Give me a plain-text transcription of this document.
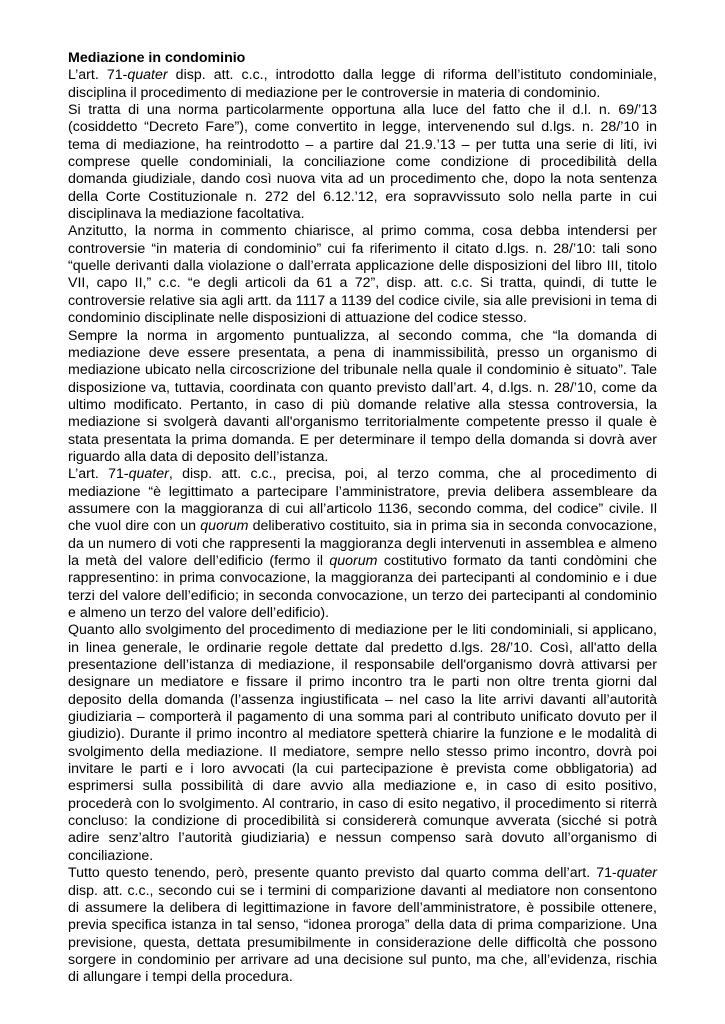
Mediazione in condominio

L’art. 71-quater disp. att. c.c., introdotto dalla legge di riforma dell’istituto condominiale, disciplina il procedimento di mediazione per le controversie in materia di condominio.

Si tratta di una norma particolarmente opportuna alla luce del fatto che il d.l. n. 69/’13 (cosiddetto “Decreto Fare”), come convertito in legge, intervenendo sul d.lgs. n. 28/’10 in tema di mediazione, ha reintrodotto – a partire dal 21.9.’13 – per tutta una serie di liti, ivi comprese quelle condominiali, la conciliazione come condizione di procedibilità della domanda giudiziale, dando così nuova vita ad un procedimento che, dopo la nota sentenza della Corte Costituzionale n. 272 del 6.12.’12, era sopravvissuto solo nella parte in cui disciplinava la mediazione facoltativa.

Anzitutto, la norma in commento chiarisce, al primo comma, cosa debba intendersi per controversie “in materia di condominio” cui fa riferimento il citato d.lgs. n. 28/’10: tali sono “quelle derivanti dalla violazione o dall’errata applicazione delle disposizioni del libro III, titolo VII, capo II,” c.c. “e degli articoli da 61 a 72”, disp. att. c.c. Si tratta, quindi, di tutte le controversie relative sia agli artt. da 1117 a 1139 del codice civile, sia alle previsioni in tema di condominio disciplinate nelle disposizioni di attuazione del codice stesso.

Sempre la norma in argomento puntualizza, al secondo comma, che “la domanda di mediazione deve essere presentata, a pena di inammissibilità, presso un organismo di mediazione ubicato nella circoscrizione del tribunale nella quale il condominio è situato”. Tale disposizione va, tuttavia, coordinata con quanto previsto dall’art. 4, d.lgs. n. 28/’10, come da ultimo modificato. Pertanto, in caso di più domande relative alla stessa controversia, la mediazione si svolgerà davanti all'organismo territorialmente competente presso il quale è stata presentata la prima domanda. E per determinare il tempo della domanda si dovrà aver riguardo alla data di deposito dell’istanza.

L’art. 71-quater, disp. att. c.c., precisa, poi, al terzo comma, che al procedimento di mediazione “è legittimato a partecipare l’amministratore, previa delibera assembleare da assumere con la maggioranza di cui all’articolo 1136, secondo comma, del codice” civile. Il che vuol dire con un quorum deliberativo costituito, sia in prima sia in seconda convocazione, da un numero di voti che rappresenti la maggioranza degli intervenuti in assemblea e almeno la metà del valore dell’edificio (fermo il quorum costitutivo formato da tanti condòmini che rappresentino: in prima convocazione, la maggioranza dei partecipanti al condominio e i due terzi del valore dell’edificio; in seconda convocazione, un terzo dei partecipanti al condominio e almeno un terzo del valore dell’edificio).

Quanto allo svolgimento del procedimento di mediazione per le liti condominiali, si applicano, in linea generale, le ordinarie regole dettate dal predetto d.lgs. 28/’10. Così, all'atto della presentazione dell’istanza di mediazione, il responsabile dell'organismo dovrà attivarsi per designare un mediatore e fissare il primo incontro tra le parti non oltre trenta giorni dal deposito della domanda (l’assenza ingiustificata – nel caso la lite arrivi davanti all’autorità giudiziaria – comporterà il pagamento di una somma pari al contributo unificato dovuto per il giudizio). Durante il primo incontro al mediatore spetterà chiarire la funzione e le modalità di svolgimento della mediazione. Il mediatore, sempre nello stesso primo incontro, dovrà poi invitare le parti e i loro avvocati (la cui partecipazione è prevista come obbligatoria) ad esprimersi sulla possibilità di dare avvio alla mediazione e, in caso di esito positivo, procederà con lo svolgimento. Al contrario, in caso di esito negativo, il procedimento si riterrà concluso: la condizione di procedibilità si considererà comunque avverata (sicché si potrà adire senz’altro l’autorità giudiziaria) e nessun compenso sarà dovuto all’organismo di conciliazione.

Tutto questo tenendo, però, presente quanto previsto dal quarto comma dell’art. 71-quater disp. att. c.c., secondo cui se i termini di comparizione davanti al mediatore non consentono di assumere la delibera di legittimazione in favore dell’amministratore, è possibile ottenere, previa specifica istanza in tal senso, “idonea proroga” della data di prima comparizione. Una previsione, questa, dettata presumibilmente in considerazione delle difficoltà che possono sorgere in condominio per arrivare ad una decisione sul punto, ma che, all’evidenza, rischia di allungare i tempi della procedura.
